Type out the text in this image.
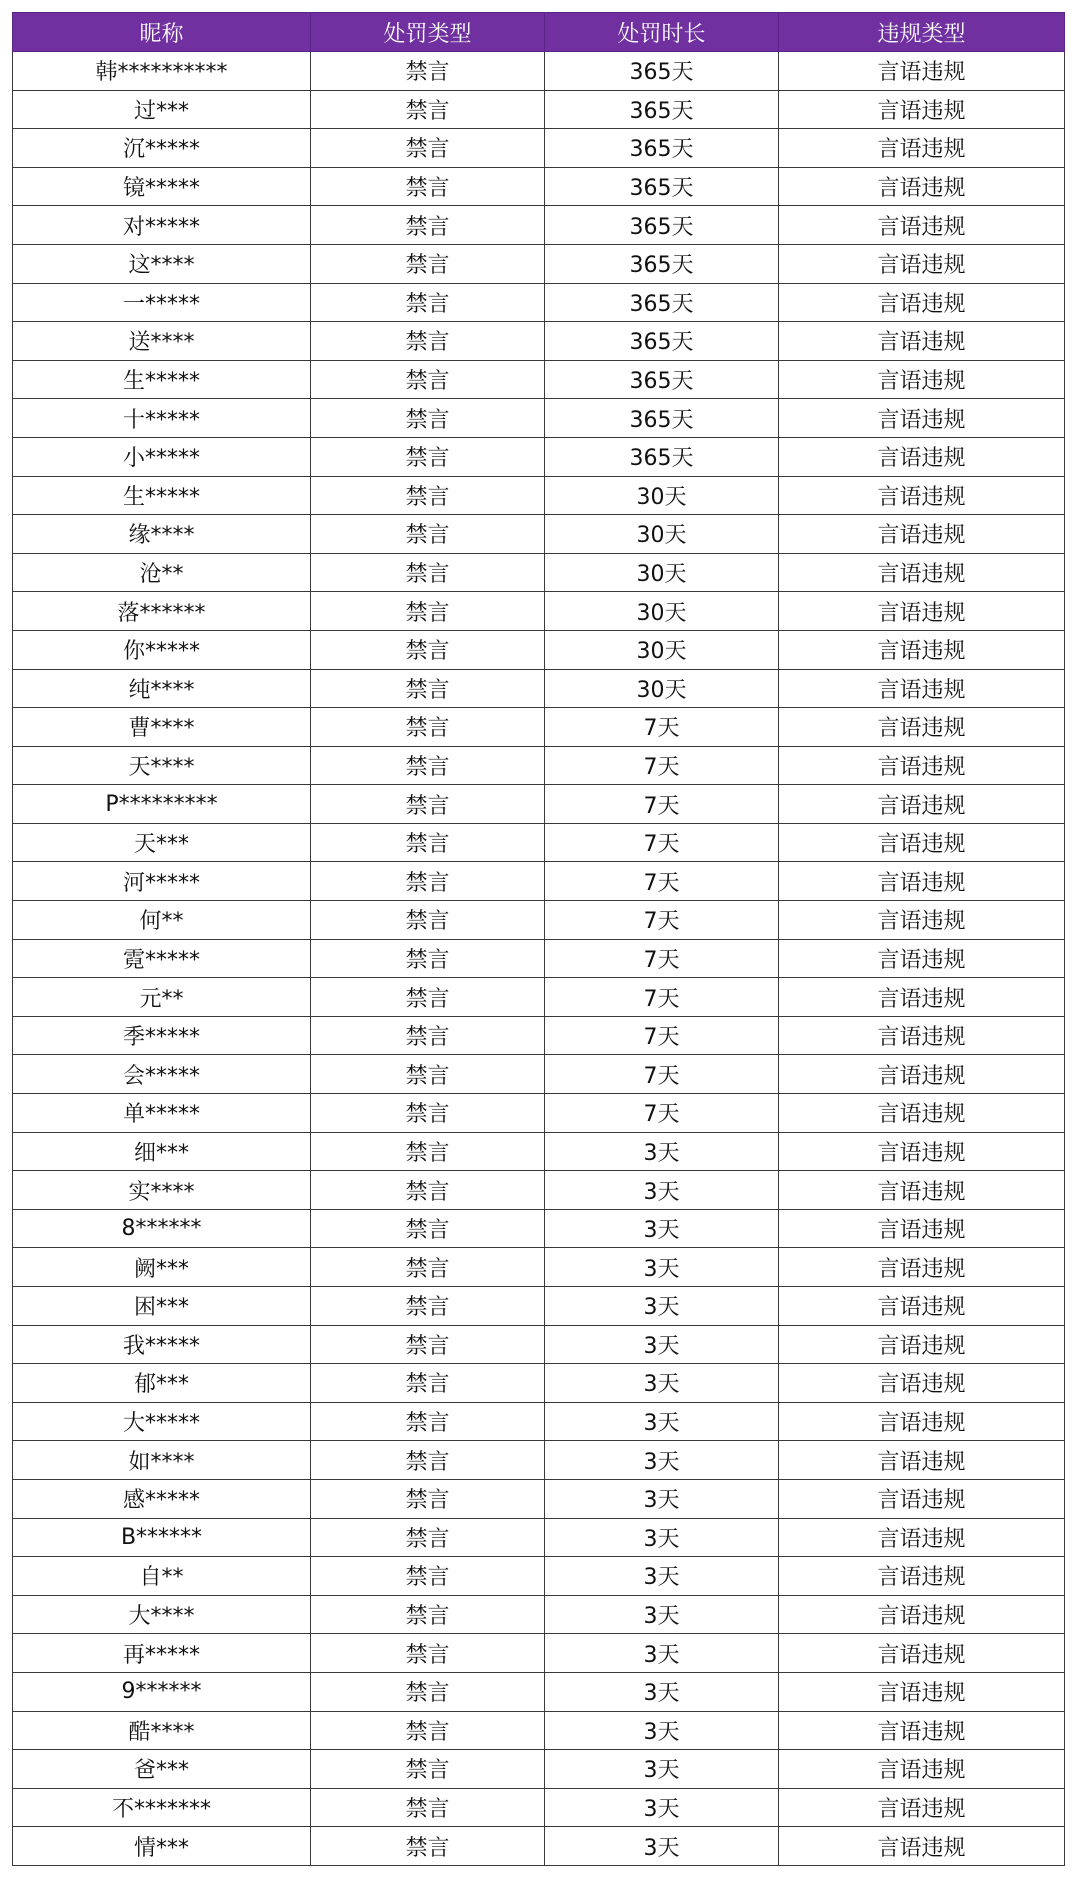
昵称	处罚类型	处罚时长	违规类型
韩**********	禁言	365天	言语违规
过***	禁言	365天	言语违规
沉*****	禁言	365天	言语违规
镜*****	禁言	365天	言语违规
对*****	禁言	365天	言语违规
这****	禁言	365天	言语违规
一*****	禁言	365天	言语违规
送****	禁言	365天	言语违规
生*****	禁言	365天	言语违规
十*****	禁言	365天	言语违规
小*****	禁言	365天	言语违规
生*****	禁言	30天	言语违规
缘****	禁言	30天	言语违规
沧**	禁言	30天	言语违规
落******	禁言	30天	言语违规
你*****	禁言	30天	言语违规
纯****	禁言	30天	言语违规
曹****	禁言	7天	言语违规
天****	禁言	7天	言语违规
P*********	禁言	7天	言语违规
天***	禁言	7天	言语违规
河*****	禁言	7天	言语违规
何**	禁言	7天	言语违规
霓*****	禁言	7天	言语违规
元**	禁言	7天	言语违规
季*****	禁言	7天	言语违规
会*****	禁言	7天	言语违规
单*****	禁言	7天	言语违规
细***	禁言	3天	言语违规
实****	禁言	3天	言语违规
8******	禁言	3天	言语违规
阙***	禁言	3天	言语违规
困***	禁言	3天	言语违规
我*****	禁言	3天	言语违规
郁***	禁言	3天	言语违规
大*****	禁言	3天	言语违规
如****	禁言	3天	言语违规
感*****	禁言	3天	言语违规
B******	禁言	3天	言语违规
自**	禁言	3天	言语违规
大****	禁言	3天	言语违规
再*****	禁言	3天	言语违规
9******	禁言	3天	言语违规
酷****	禁言	3天	言语违规
爸***	禁言	3天	言语违规
不*******	禁言	3天	言语违规
情***	禁言	3天	言语违规
